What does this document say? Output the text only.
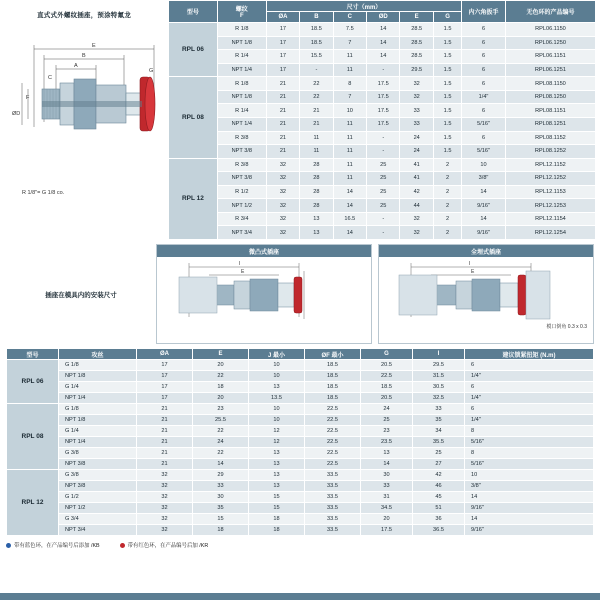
直式式外螺纹插座，预涂特氟龙
E
B
A
C
G
ØD
F
R 1/8"= G 1/8 co.
型号	螺纹
F	尺寸（mm）						内六角扳手	无色环的产品编号
		ØA	B	C	ØD	E	G		
RPL 06	R 1/8	17	18.5	7.5	14	28.5	1.5	6	RPL06.1150
	NPT 1/8	17	18.5	7	14	28.5	1.5	6	RPL06.1250
	R 1/4	17	15.5	11	14	28.5	1.5	6	RPL06.1151
	NPT 1/4	17	-	11	-	29.5	1.5	6	RPL06.1251
RPL 08	R 1/8	21	22	8	17.5	32	1.5	6	RPL08.1150
	NPT 1/8	21	22	7	17.5	32	1.5	1/4"	RPL08.1250
	R 1/4	21	21	10	17.5	33	1.5	6	RPL08.1151
	NPT 1/4	21	21	11	17.5	33	1.5	5/16"	RPL08.1251
	R 3/8	21	11	11	-	24	1.5	6	RPL08.1152
	NPT 3/8	21	11	11	-	24	1.5	5/16"	RPL08.1252
RPL 12	R 3/8	32	28	11	25	41	2	10	RPL12.1152
	NPT 3/8	32	28	11	25	41	2	3/8"	RPL12.1252
	R 1/2	32	28	14	25	42	2	14	RPL12.1153
	NPT 1/2	32	28	14	25	44	2	9/16"	RPL12.1253
	R 3/4	32	13	16.5	-	32	2	14	RPL12.1154
	NPT 3/4	32	13	14	-	32	2	9/16"	RPL12.1254
插座在模具内的安装尺寸
微凸式插座
I
E
全埋式插座
I
E
模口倒角 0.3 x 0.3
型号	攻丝	ØA	E	J 最小	ØF 最小	G	I	建议锁紧扭矩 (N.m)
RPL 06	G 1/8	17	20	10	18.5	20.5	29.5	6
	NPT 1/8	17	22	10	18.5	22.5	31.5	1/4"
	G 1/4	17	18	13	18.5	18.5	30.5	6
	NPT 1/4	17	20	13.5	18.5	20.5	32.5	1/4"
RPL 08	G 1/8	21	23	10	22.5	24	33	6
	NPT 1/8	21	25.5	10	22.5	25	35	1/4"
	G 1/4	21	22	12	22.5	23	34	8
	NPT 1/4	21	24	12	22.5	23.5	35.5	5/16"
	G 3/8	21	22	13	22.5	13	25	8
	NPT 3/8	21	14	13	22.5	14	27	5/16"
RPL 12	G 3/8	32	29	13	33.5	30	42	10
	NPT 3/8	32	33	13	33.5	33	46	3/8"
	G 1/2	32	30	15	33.5	31	45	14
	NPT 1/2	32	35	15	33.5	34.5	51	9/16"
	G 3/4	32	15	18	33.5	20	36	14
	NPT 3/4	32	18	18	33.5	17.5	36.5	9/16"
带有蓝色环，在产品编号后添加 /KB	带有红色环，在产品编号后加 /KR
